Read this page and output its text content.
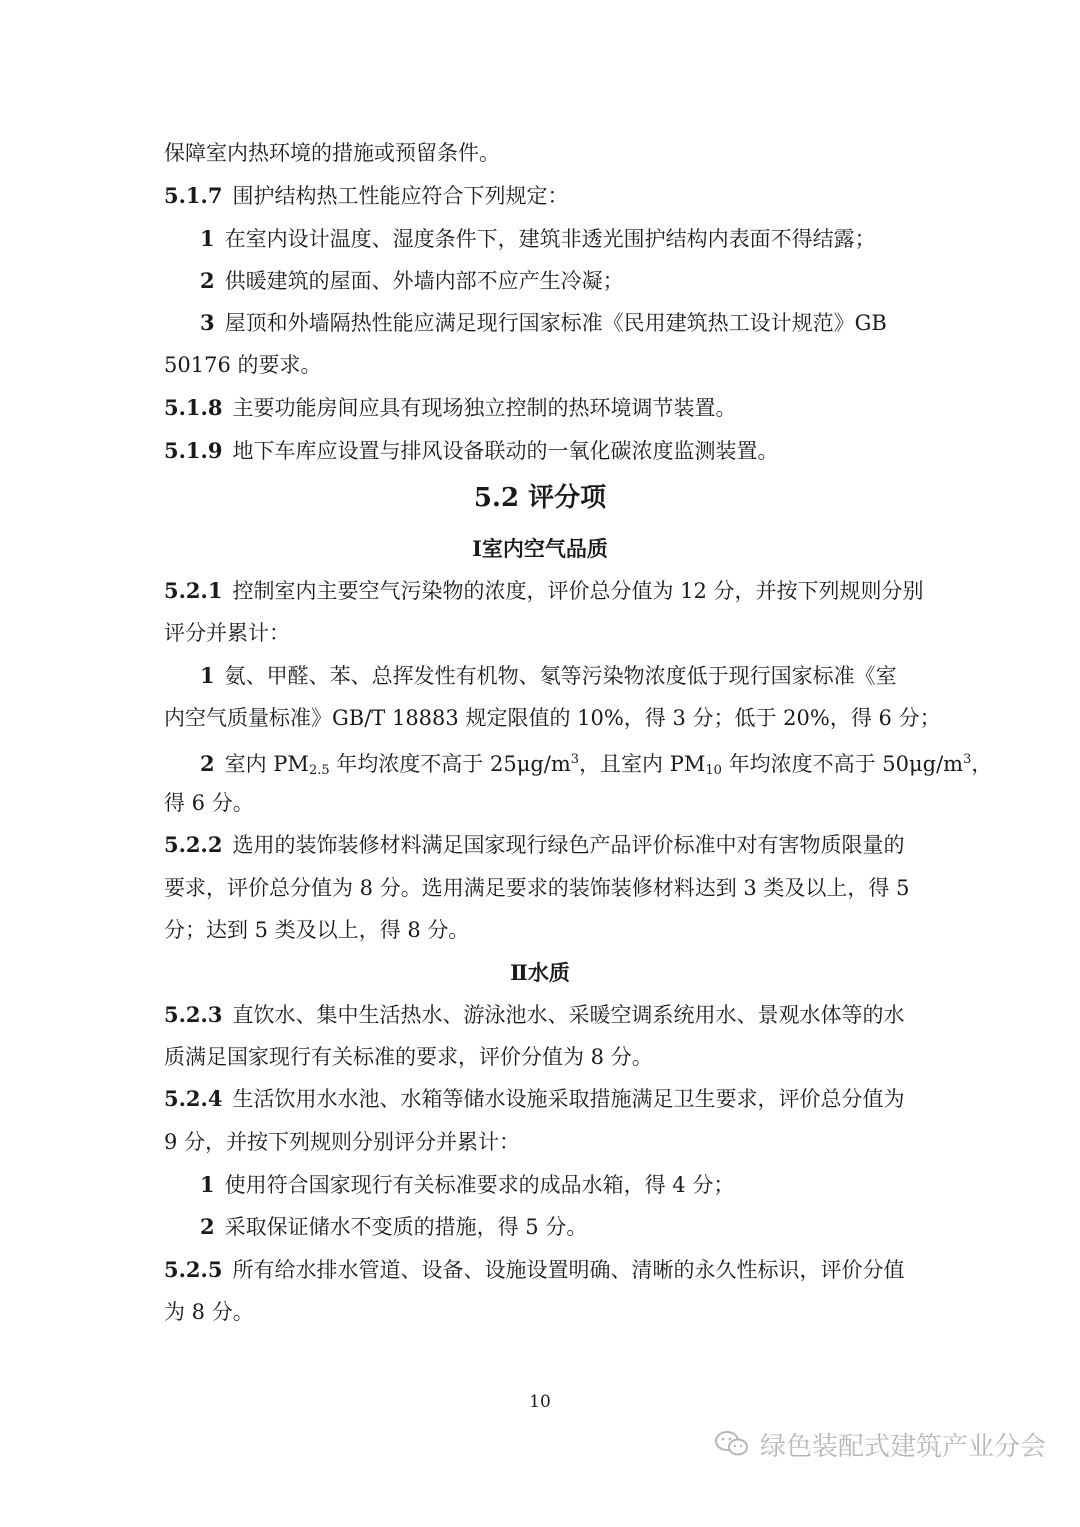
保障室内热环境的措施或预留条件。
5.1.7 围护结构热工性能应符合下列规定：
1 在室内设计温度、湿度条件下，建筑非透光围护结构内表面不得结露；
2 供暖建筑的屋面、外墙内部不应产生冷凝；
3 屋顶和外墙隔热性能应满足现行国家标准《民用建筑热工设计规范》GB
50176 的要求。
5.1.8 主要功能房间应具有现场独立控制的热环境调节装置。
5.1.9 地下车库应设置与排风设备联动的一氧化碳浓度监测装置。
5.2 评分项
Ⅰ室内空气品质
5.2.1 控制室内主要空气污染物的浓度，评价总分值为 12 分，并按下列规则分别
评分并累计：
1 氨、甲醛、苯、总挥发性有机物、氡等污染物浓度低于现行国家标准《室
内空气质量标准》GB/T 18883 规定限值的 10%，得 3 分；低于 20%，得 6 分；
2 室内 $PM_{2.5}$ 年均浓度不高于 $25\mu g/m^3$，且室内 $PM_{10}$ 年均浓度不高于 $50\mu g/m^3$，
得 6 分。
5.2.2 选用的装饰装修材料满足国家现行绿色产品评价标准中对有害物质限量的
要求，评价总分值为 8 分。选用满足要求的装饰装修材料达到 3 类及以上，得 5
分；达到 5 类及以上，得 8 分。
Ⅱ水质
5.2.3 直饮水、集中生活热水、游泳池水、采暖空调系统用水、景观水体等的水
质满足国家现行有关标准的要求，评价分值为 8 分。
5.2.4 生活饮用水水池、水箱等储水设施采取措施满足卫生要求，评价总分值为
9 分，并按下列规则分别评分并累计：
1 使用符合国家现行有关标准要求的成品水箱，得 4 分；
2 采取保证储水不变质的措施，得 5 分。
5.2.5 所有给水排水管道、设备、设施设置明确、清晰的永久性标识，评价分值
为 8 分。
10
绿色装配式建筑产业分会
